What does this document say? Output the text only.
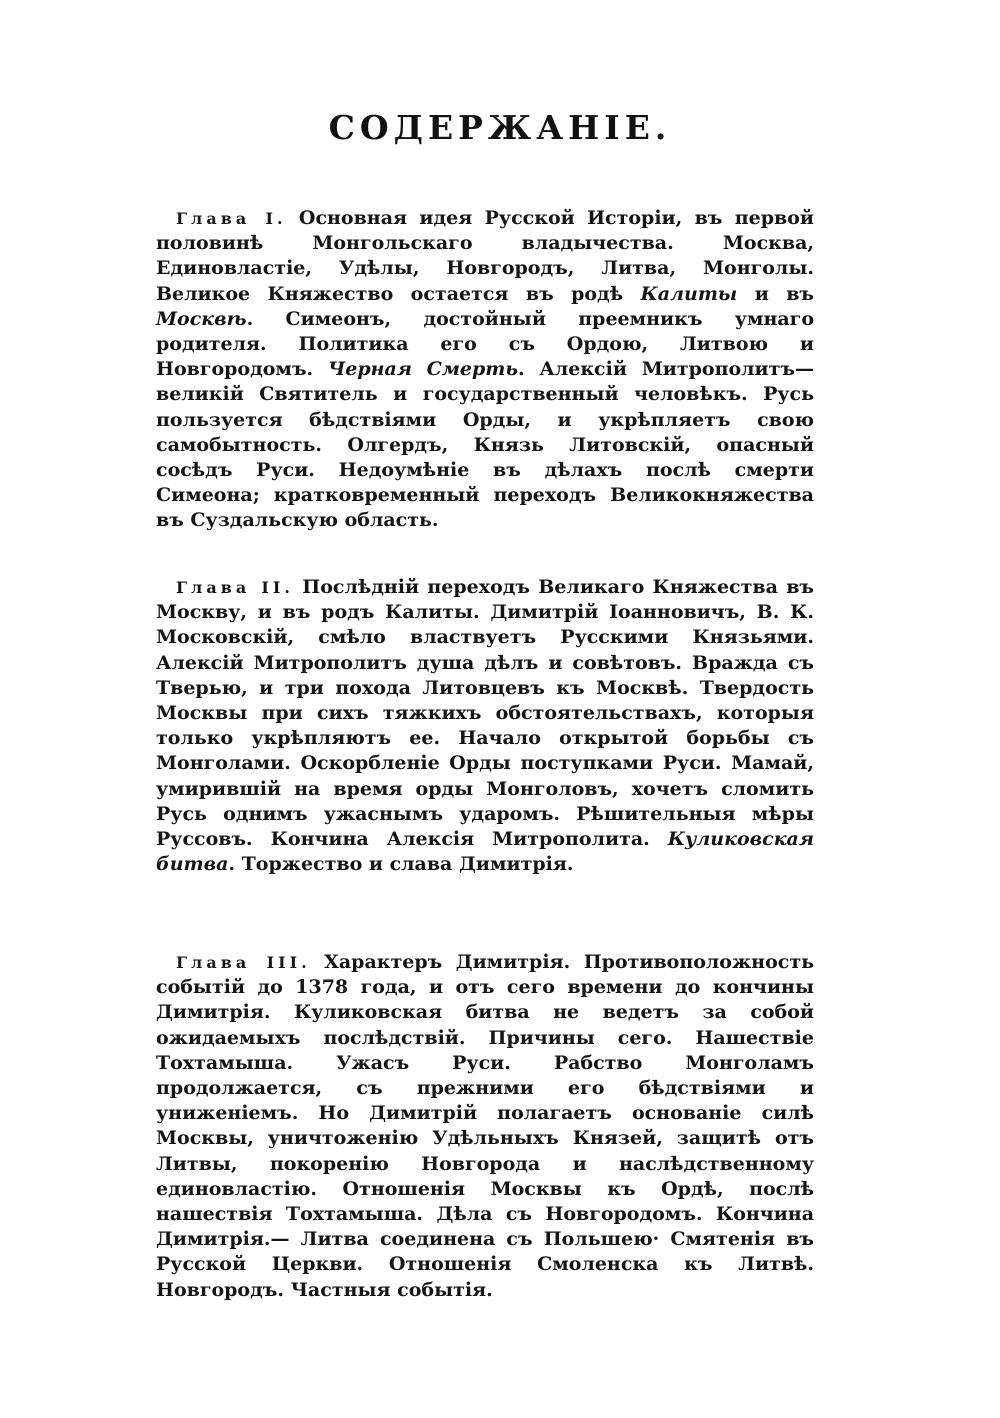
СОДЕРЖАНІЕ.

Глава I. Основная идея Русской Исторіи, въ первой половинѣ Монгольскаго владычества. Москва, Единовластіе, Удѣлы, Новгородъ, Литва, Монголы. Великое Княжество остается въ родѣ Калиты и въ Москвѣ. Симеонъ, достойный преемникъ умнаго родителя. Политика его съ Ордою, Литвою и Новгородомъ. Черная Смерть. Алексій Митрополитъ—великій Святитель и государственный человѣкъ. Русь пользуется бѣдствіями Орды, и укрѣпляетъ свою самобытность. Олгердъ, Князь Литовскій, опасный сосѣдъ Руси. Недоумѣніе въ дѣлахъ послѣ смерти Симеона; кратковременный переходъ Великокняжества въ Суздальскую область.

Глава II. Послѣдній переходъ Великаго Княжества въ Москву, и въ родъ Калиты. Димитрій Іоанновичъ, В. К. Московскій, смѣло властвуетъ Русскими Князьями. Алексій Митрополитъ душа дѣлъ и совѣтовъ. Вражда съ Тверью, и три похода Литовцевъ къ Москвѣ. Твердость Москвы при сихъ тяжкихъ обстоятельствахъ, которыя только укрѣпляютъ ее. Начало открытой борьбы съ Монголами. Оскорбленіе Орды поступками Руси. Мамай, умирившій на время орды Монголовъ, хочетъ сломить Русь однимъ ужаснымъ ударомъ. Рѣшительныя мѣры Руссовъ. Кончина Алексія Митрополита. Куликовская битва. Торжество и слава Димитрія.

Глава III. Характеръ Димитрія. Противоположность событій до 1378 года, и отъ сего времени до кончины Димитрія. Куликовская битва не ведетъ за собой ожидаемыхъ послѣдствій. Причины сего. Нашествіе Тохтамыша. Ужасъ Руси. Рабство Монголамъ продолжается, съ прежними его бѣдствіями и униженіемъ. Но Димитрій полагаетъ основаніе силѣ Москвы, уничтоженію Удѣльныхъ Князей, защитѣ отъ Литвы, покоренію Новгорода и наслѣдственному единовластію. Отношенія Москвы къ Ордѣ, послѣ нашествія Тохтамыша. Дѣла съ Новгородомъ. Кончина Димитрія.— Литва соединена съ Польшею· Смятенія въ Русской Церкви. Отношенія Смоленска къ Литвѣ. Новгородъ. Частныя событія.
